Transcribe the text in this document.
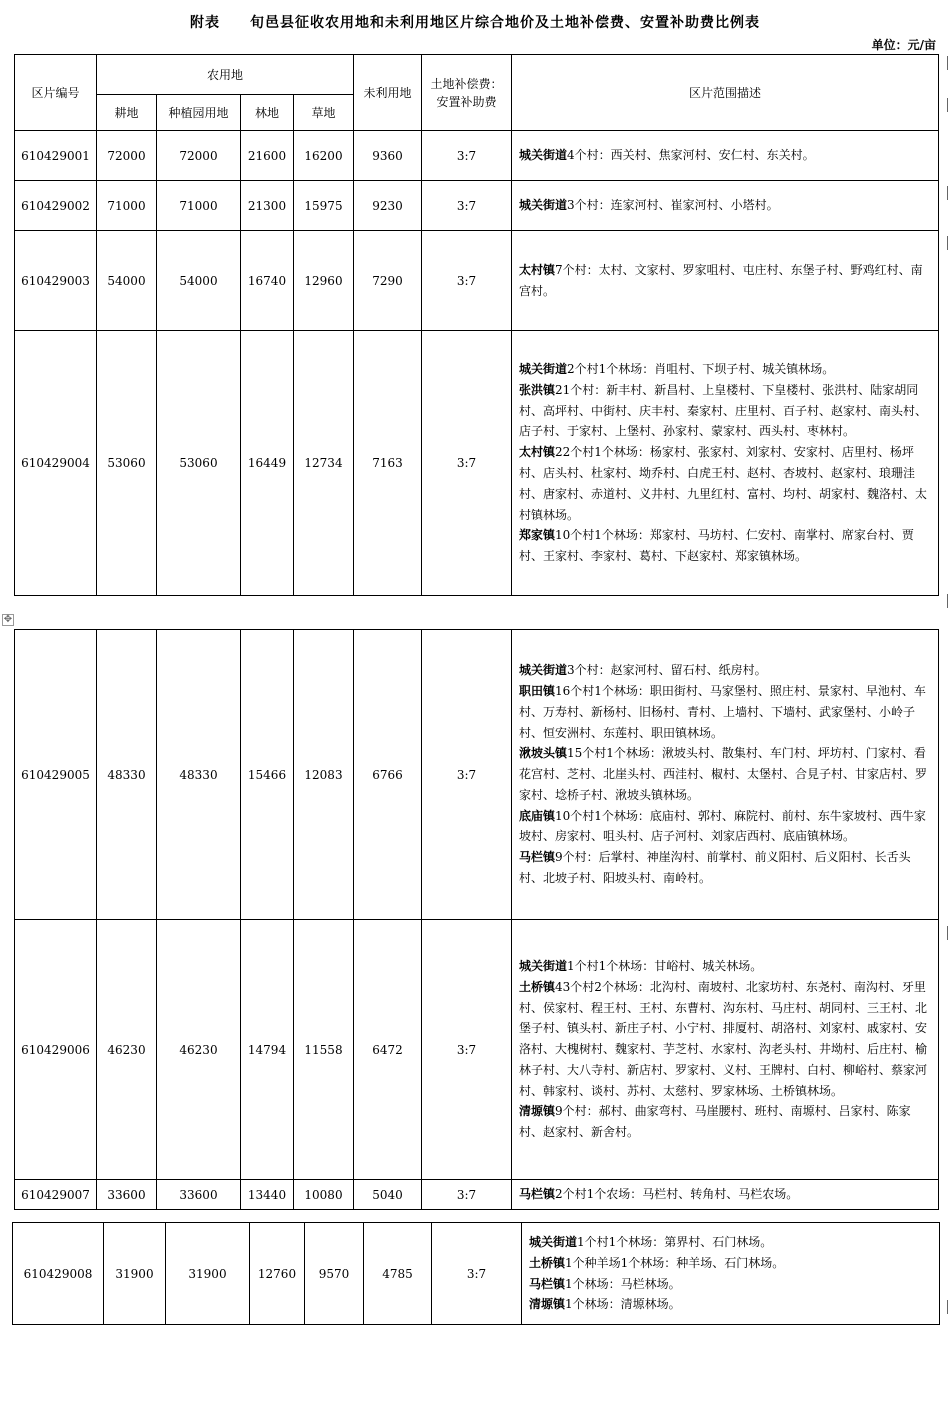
附表　　旬邑县征收农用地和未利用地区片综合地价及土地补偿费、安置补助费比例表
单位：元/亩
区片编号	农用地				未利用地	土地补偿费：安置补助费	区片范围描述
	耕地	种植园用地	林地	草地			
610429001	72000	72000	21600	16200	9360	3:7	城关街道4个村：西关村、焦家河村、安仁村、东关村。

610429002	71000	71000	21300	15975	9230	3:7	城关街道3个村：连家河村、崔家河村、小塔村。

610429003	54000	54000	16740	12960	7290	3:7	太村镇7个村：太村、文家村、罗家咀村、屯庄村、东堡子村、野鸡红村、南宫村。

610429004	53060	53060	16449	12734	7163	3:7	城关街道2个村1个林场：肖咀村、下坝子村、城关镇林场。
张洪镇21个村：新丰村、新昌村、上皇楼村、下皇楼村、张洪村、陆家胡同村、高坪村、中街村、庆丰村、秦家村、庄里村、百子村、赵家村、南头村、店子村、于家村、上堡村、孙家村、蒙家村、西头村、枣林村。
太村镇22个村1个林场：杨家村、张家村、刘家村、安家村、店里村、杨坪村、店头村、杜家村、坳乔村、白虎王村、赵村、杏坡村、赵家村、琅珊洼村、唐家村、赤道村、义井村、九里红村、富村、均村、胡家村、魏洛村、太村镇林场。
郑家镇10个村1个林场：郑家村、马坊村、仁安村、南掌村、席家台村、贾村、王家村、李家村、葛村、下赵家村、郑家镇林场。
✥
610429005	48330	48330	15466	12083	6766	3:7	城关街道3个村：赵家河村、留石村、纸房村。
职田镇16个村1个林场：职田街村、马家堡村、照庄村、景家村、早池村、车村、万寿村、新杨村、旧杨村、青村、上墙村、下墙村、武家堡村、小岭子村、恒安洲村、东莲村、职田镇林场。
湫坡头镇15个村1个林场：湫坡头村、散集村、车门村、坪坊村、门家村、看花宫村、芝村、北崖头村、西洼村、椒村、太堡村、合見子村、甘家店村、罗家村、埝桥子村、湫坡头镇林场。
底庙镇10个村1个林场：底庙村、郭村、麻院村、前村、东牛家坡村、西牛家坡村、房家村、咀头村、店子河村、刘家店西村、底庙镇林场。
马栏镇9个村：后掌村、神崖沟村、前掌村、前义阳村、后义阳村、长舌头村、北坡子村、阳坡头村、南岭村。

610429006	46230	46230	14794	11558	6472	3:7	城关街道1个村1个林场：甘峪村、城关林场。
土桥镇43个村2个林场：北沟村、南坡村、北家坊村、东尧村、南沟村、牙里村、侯家村、程王村、王村、东曹村、沟东村、马庄村、胡同村、三王村、北堡子村、镇头村、新庄子村、小宁村、排厦村、胡洛村、刘家村、戚家村、安洛村、大槐树村、魏家村、芋芝村、水家村、沟老头村、井坳村、后庄村、榆林子村、大八寺村、新店村、罗家村、义村、王牌村、白村、柳峪村、蔡家河村、韩家村、谈村、苏村、太慈村、罗家林场、土桥镇林场。
清塬镇9个村：郝村、曲家弯村、马崖腰村、班村、南塬村、吕家村、陈家村、赵家村、新舍村。

610429007	33600	33600	13440	10080	5040	3:7	马栏镇2个村1个农场：马栏村、转角村、马栏农场。
610429008	31900	31900	12760	9570	4785	3:7	
城关街道1个村1个林场：第界村、石门林场。
土桥镇1个种羊场1个林场：种羊场、石门林场。
马栏镇1个林场：马栏林场。
清塬镇1个林场：清塬林场。
